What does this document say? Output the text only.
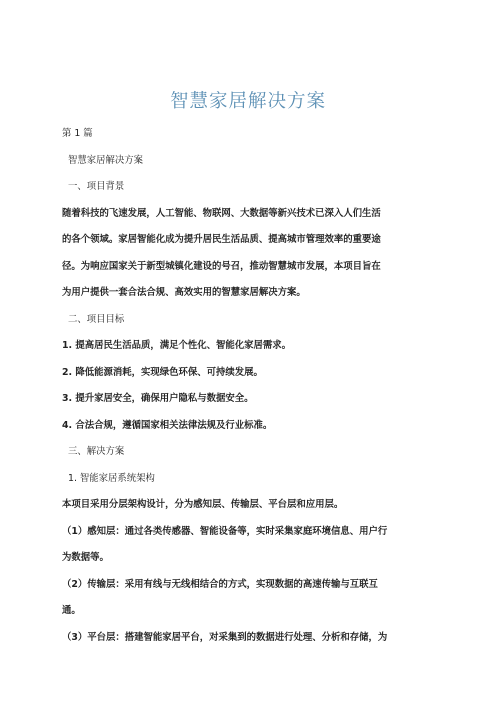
智慧家居解决方案
第 1 篇
智慧家居解决方案
一、项目背景
随着科技的飞速发展，人工智能、物联网、大数据等新兴技术已深入人们生活
的各个领域。家居智能化成为提升居民生活品质、提高城市管理效率的重要途
径。为响应国家关于新型城镇化建设的号召，推动智慧城市发展，本项目旨在
为用户提供一套合法合规、高效实用的智慧家居解决方案。
二、项目目标
1. 提高居民生活品质，满足个性化、智能化家居需求。
2. 降低能源消耗，实现绿色环保、可持续发展。
3. 提升家居安全，确保用户隐私与数据安全。
4. 合法合规，遵循国家相关法律法规及行业标准。
三、解决方案
1. 智能家居系统架构
本项目采用分层架构设计，分为感知层、传输层、平台层和应用层。
（1）感知层：通过各类传感器、智能设备等，实时采集家庭环境信息、用户行
为数据等。
（2）传输层：采用有线与无线相结合的方式，实现数据的高速传输与互联互
通。
（3）平台层：搭建智能家居平台，对采集到的数据进行处理、分析和存储，为
